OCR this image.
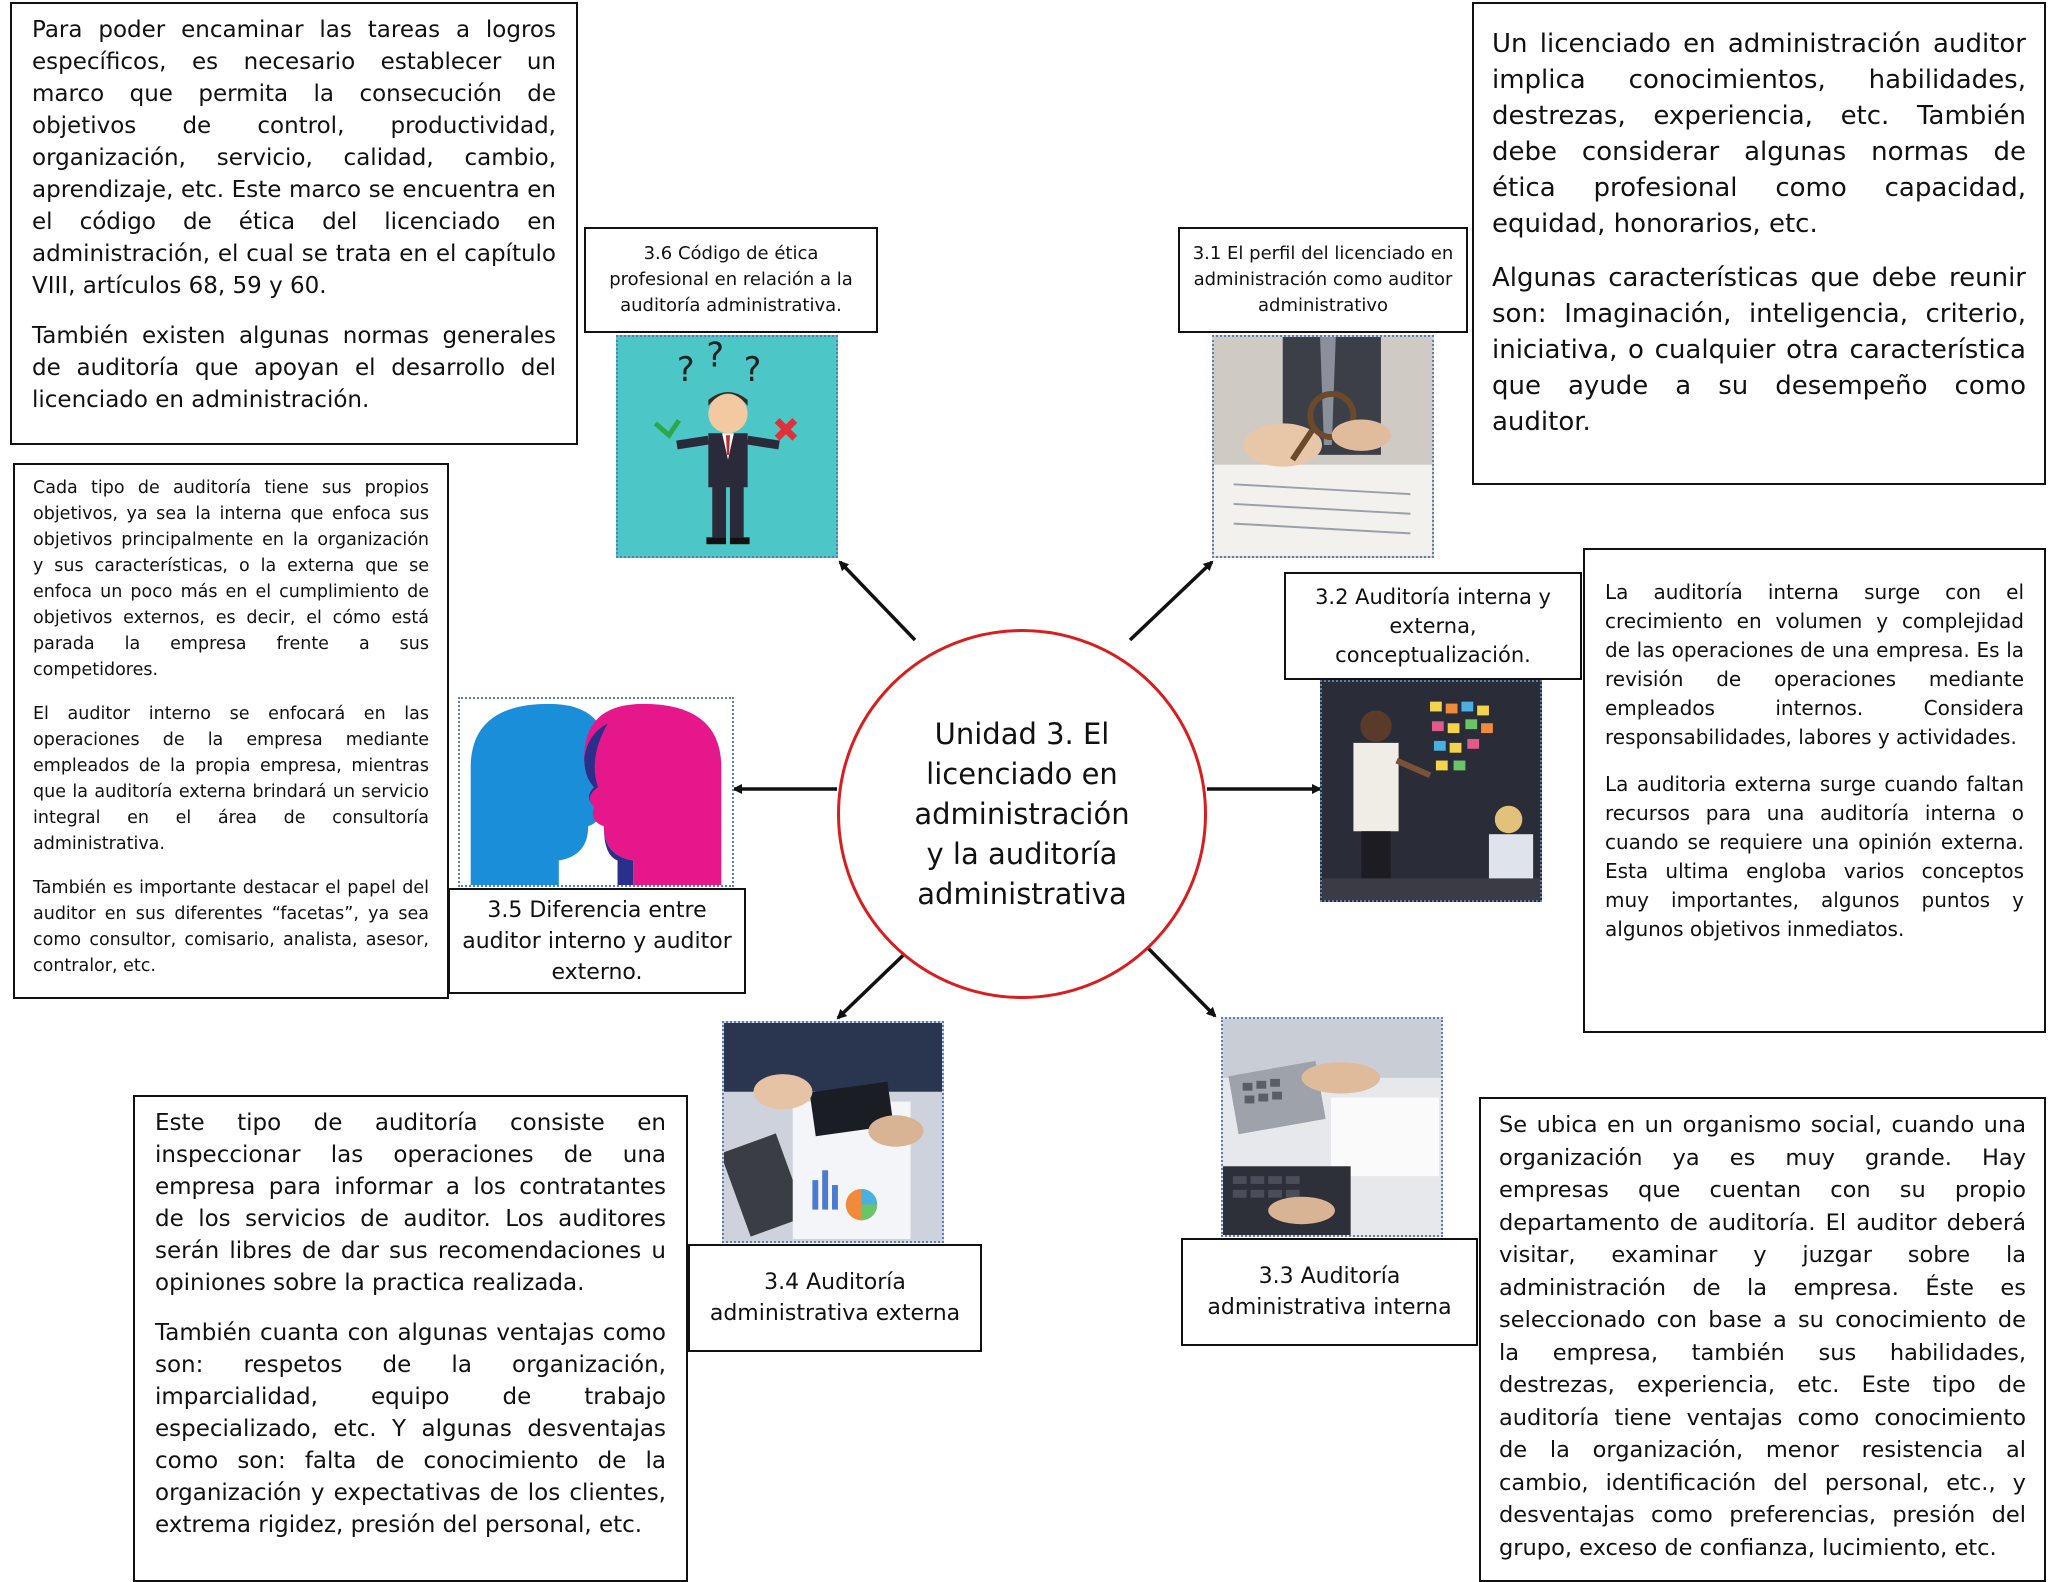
Unidad 3. El licenciado en administración y la auditoría administrativa

Para poder encaminar las tareas a logros específicos, es necesario establecer un marco que permita la consecución de objetivos de control, productividad, organización, servicio, calidad, cambio, aprendizaje, etc. Este marco se encuentra en el código de ética del licenciado en administración, el cual se trata en el capítulo VIII, artículos 68, 59 y 60.

También existen algunas normas generales de auditoría que apoyan el desarrollo del licenciado en administración.

3.6 Código de ética profesional en relación a la auditoría administrativa.
? ? ?
3.1 El perfil del licenciado en administración como auditor administrativo

Un licenciado en administración auditor implica conocimientos, habilidades, destrezas, experiencia, etc. También debe considerar algunas normas de ética profesional como capacidad, equidad, honorarios, etc.

Algunas características que debe reunir son: Imaginación, inteligencia, criterio, iniciativa, o cualquier otra característica que ayude a su desempeño como auditor.

Cada tipo de auditoría tiene sus propios objetivos, ya sea la interna que enfoca sus objetivos principalmente en la organización y sus características, o la externa que se enfoca un poco más en el cumplimiento de objetivos externos, es decir, el cómo está parada la empresa frente a sus competidores.

El auditor interno se enfocará en las operaciones de la empresa mediante empleados de la propia empresa, mientras que la auditoría externa brindará un servicio integral en el área de consultoría administrativa.

También es importante destacar el papel del auditor en sus diferentes “facetas”, ya sea como consultor, comisario, analista, asesor, contralor, etc.

3.5 Diferencia entre auditor interno y auditor externo.
3.2 Auditoría interna y externa, conceptualización.

La auditoría interna surge con el crecimiento en volumen y complejidad de las operaciones de una empresa. Es la revisión de operaciones mediante empleados internos. Considera responsabilidades, labores y actividades.

La auditoria externa surge cuando faltan recursos para una auditoría interna o cuando se requiere una opinión externa. Esta ultima engloba varios conceptos muy importantes, algunos puntos y algunos objetivos inmediatos.

3.4 Auditoría administrativa externa

Este tipo de auditoría consiste en inspeccionar las operaciones de una empresa para informar a los contratantes de los servicios de auditor. Los auditores serán libres de dar sus recomendaciones u opiniones sobre la practica realizada.

También cuanta con algunas ventajas como son: respetos de la organización, imparcialidad, equipo de trabajo especializado, etc. Y algunas desventajas como son: falta de conocimiento de la organización y expectativas de los clientes, extrema rigidez, presión del personal, etc.

3.3 Auditoría administrativa interna

Se ubica en un organismo social, cuando una organización ya es muy grande. Hay empresas que cuentan con su propio departamento de auditoría. El auditor deberá visitar, examinar y juzgar sobre la administración de la empresa. Éste es seleccionado con base a su conocimiento de la empresa, también sus habilidades, destrezas, experiencia, etc. Este tipo de auditoría tiene ventajas como conocimiento de la organización, menor resistencia al cambio, identificación del personal, etc., y desventajas como preferencias, presión del grupo, exceso de confianza, lucimiento, etc.
